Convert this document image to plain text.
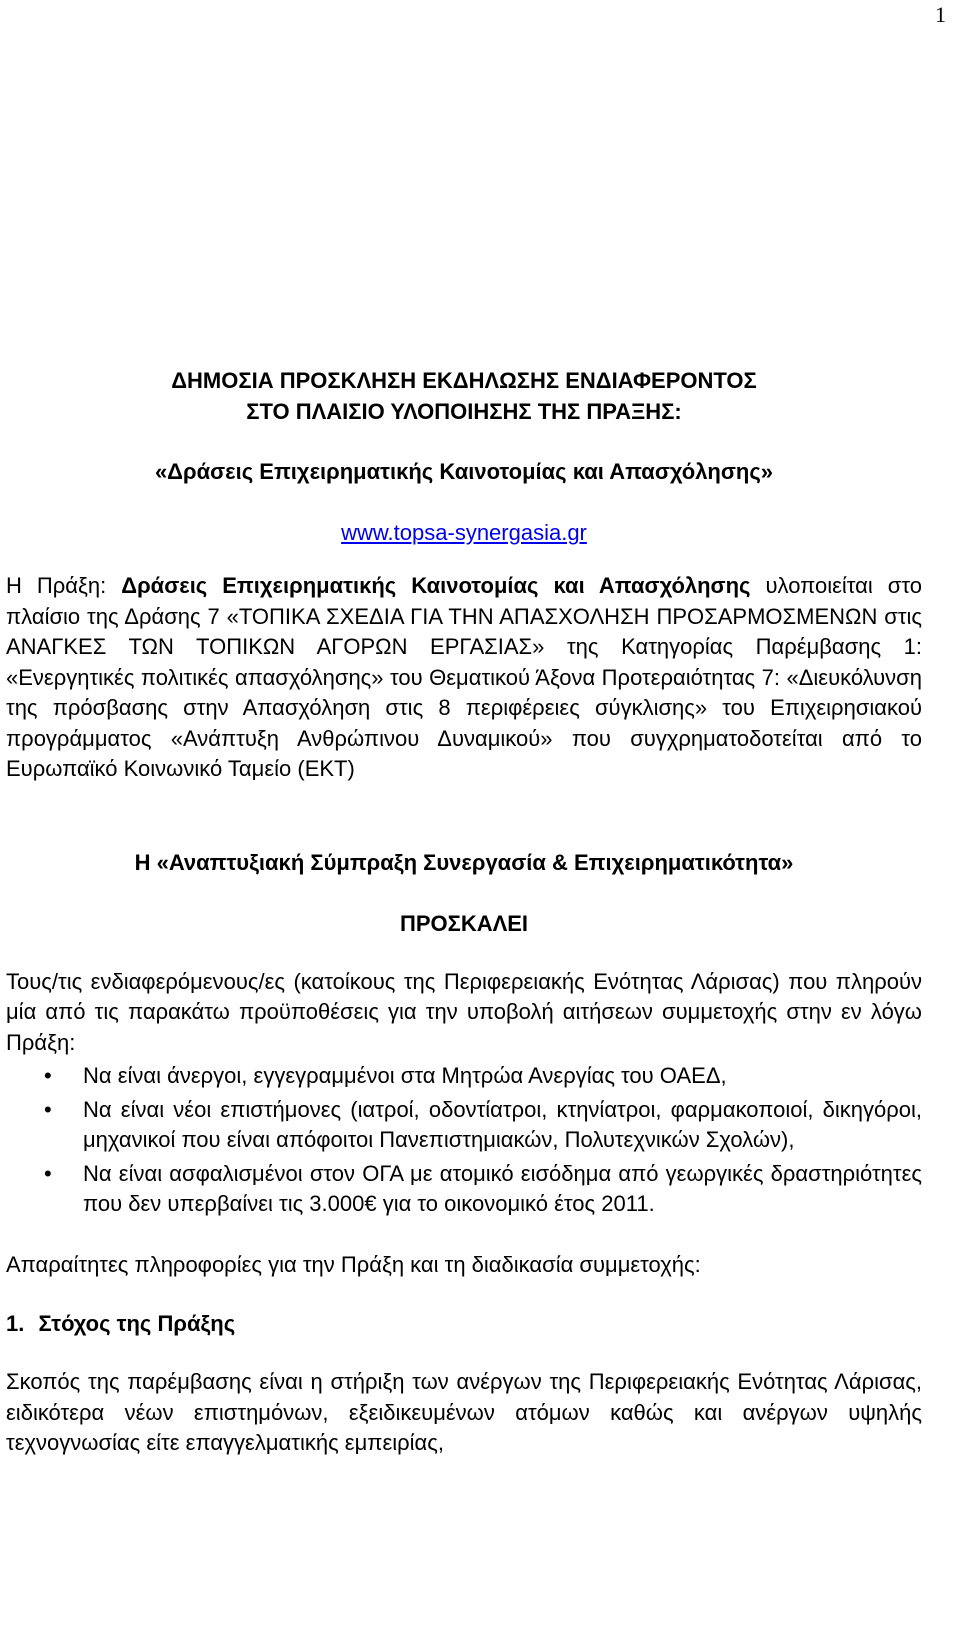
1
ΔΗΜΟΣΙΑ ΠΡΟΣΚΛΗΣΗ ΕΚΔΗΛΩΣΗΣ ΕΝΔΙΑΦΕΡΟΝΤΟΣ
ΣΤΟ ΠΛΑΙΣΙΟ ΥΛΟΠΟΙΗΣΗΣ ΤΗΣ ΠΡΑΞΗΣ:
«Δράσεις Επιχειρηματικής Καινοτομίας και Απασχόλησης»
www.topsa-synergasia.gr

Η Πράξη: Δράσεις Επιχειρηματικής Καινοτομίας και Απασχόλησης υλοποιείται στο πλαίσιο της Δράσης 7 «ΤΟΠΙΚΑ ΣΧΕΔΙΑ ΓΙΑ ΤΗΝ ΑΠΑΣΧΟΛΗΣΗ ΠΡΟΣΑΡΜΟΣΜΕΝΩΝ στις ΑΝΑΓΚΕΣ ΤΩΝ ΤΟΠΙΚΩΝ ΑΓΟΡΩΝ ΕΡΓΑΣΙΑΣ» της Κατηγορίας Παρέμβασης 1: «Ενεργητικές πολιτικές απασχόλησης» του Θεματικού Άξονα Προτεραιότητας 7: «Διευκόλυνση της πρόσβασης στην Απασχόληση στις 8 περιφέρειες σύγκλισης» του Επιχειρησιακού προγράμματος «Ανάπτυξη Ανθρώπινου Δυναμικού» που συγχρηματοδοτείται από το Ευρωπαϊκό Κοινωνικό Ταμείο (ΕΚΤ)

Η «Αναπτυξιακή Σύμπραξη Συνεργασία & Επιχειρηματικότητα»
ΠΡΟΣΚΑΛΕΙ

Τους/τις ενδιαφερόμενους/ες (κατοίκους της Περιφερειακής Ενότητας Λάρισας) που πληρούν μία από τις παρακάτω προϋποθέσεις για την υποβολή αιτήσεων συμμετοχής στην εν λόγω Πράξη:

• Να είναι άνεργοι, εγγεγραμμένοι στα Μητρώα Ανεργίας του ΟΑΕΔ,
• Να είναι νέοι επιστήμονες (ιατροί, οδοντίατροι, κτηνίατροι, φαρμακοποιοί, δικηγόροι, μηχανικοί που είναι απόφοιτοι Πανεπιστημιακών, Πολυτεχνικών Σχολών),
• Να είναι ασφαλισμένοι στον ΟΓΑ με ατομικό εισόδημα από γεωργικές δραστηριότητες που δεν υπερβαίνει τις 3.000€ για το οικονομικό έτος 2011.

Απαραίτητες πληροφορίες για την Πράξη και τη διαδικασία συμμετοχής:

1. Στόχος της Πράξης

Σκοπός της παρέμβασης είναι η στήριξη των ανέργων της Περιφερειακής Ενότητας Λάρισας, ειδικότερα νέων επιστημόνων, εξειδικευμένων ατόμων καθώς και ανέργων υψηλής τεχνογνωσίας είτε επαγγελματικής εμπειρίας,
